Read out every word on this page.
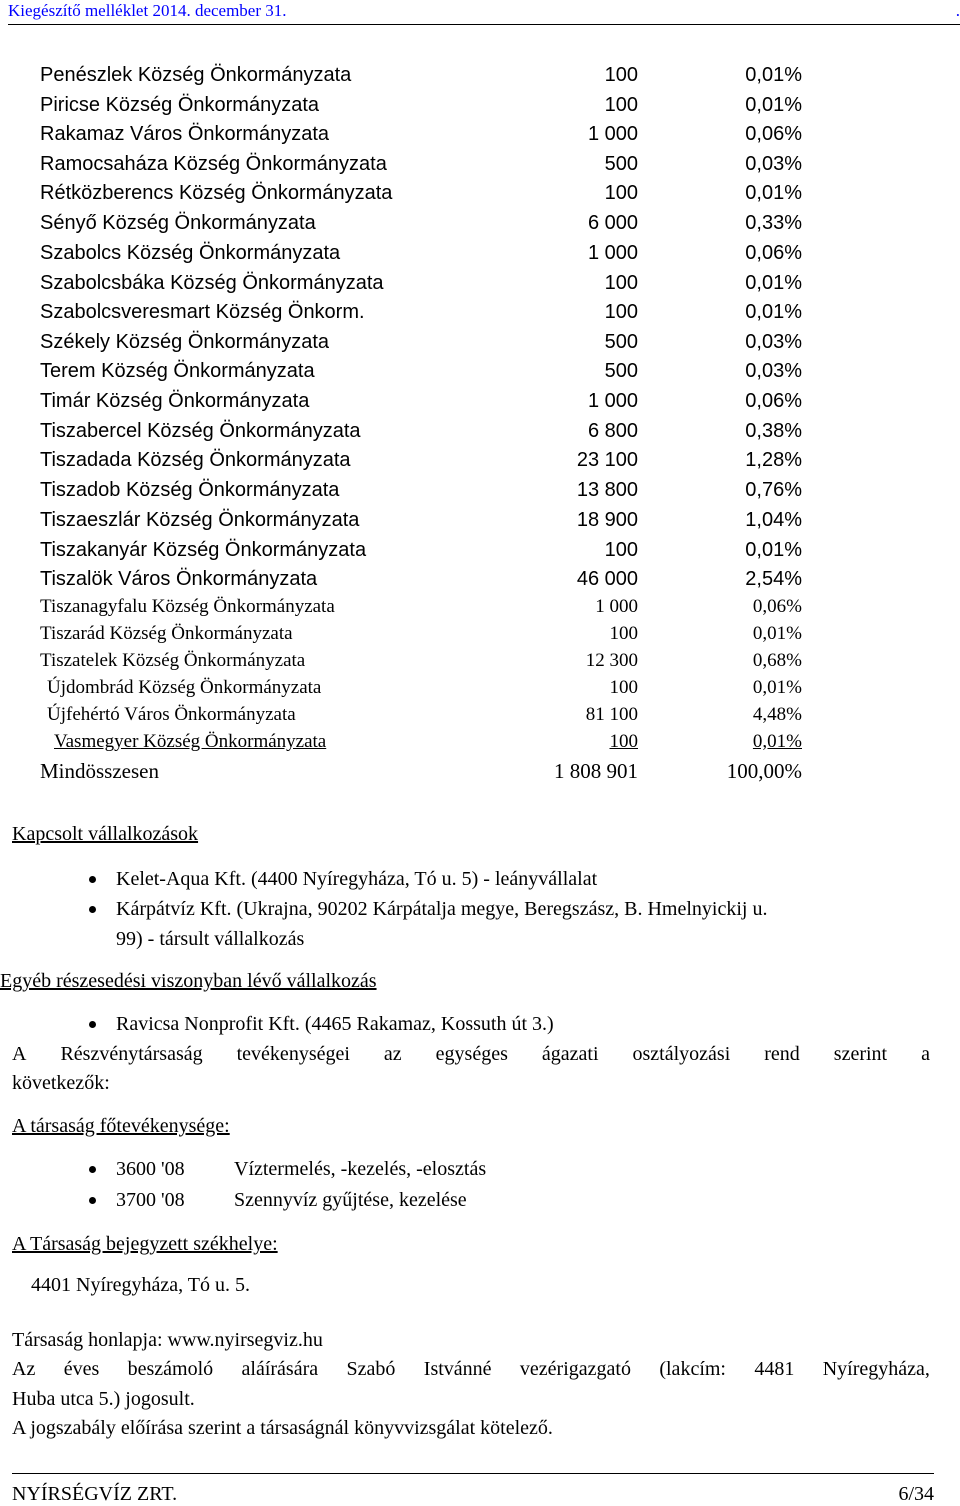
Kiegészítő melléklet 2014. december 31.	.
Penészlek Község Önkormányzata	100	0,01%
Piricse Község Önkormányzata	100	0,01%
Rakamaz Város Önkormányzata	1 000	0,06%
Ramocsaháza Község Önkormányzata	500	0,03%
Rétközberencs Község Önkormányzata	100	0,01%
Sényő Község Önkormányzata	6 000	0,33%
Szabolcs Község Önkormányzata	1 000	0,06%
Szabolcsbáka Község Önkormányzata	100	0,01%
Szabolcsveresmart Község Önkorm.	100	0,01%
Székely Község Önkormányzata	500	0,03%
Terem Község Önkormányzata	500	0,03%
Timár Község Önkormányzata	1 000	0,06%
Tiszabercel Község Önkormányzata	6 800	0,38%
Tiszadada Község Önkormányzata	23 100	1,28%
Tiszadob Község Önkormányzata	13 800	0,76%
Tiszaeszlár Község Önkormányzata	18 900	1,04%
Tiszakanyár Község Önkormányzata	100	0,01%
Tiszalök Város Önkormányzata	46 000	2,54%
Tiszanagyfalu Község Önkormányzata	1 000	0,06%
Tiszarád Község Önkormányzata	100	0,01%
Tiszatelek Község Önkormányzata	12 300	0,68%
Újdombrád Község Önkormányzata	100	0,01%
Újfehértó Város Önkormányzata	81 100	4,48%
Vasmegyer Község Önkormányzata	100	0,01%
Mindösszesen	1 808 901	100,00%
Kapcsolt vállalkozások
Kelet-Aqua Kft. (4400 Nyíregyháza, Tó u. 5) - leányvállalat
Kárpátvíz Kft. (Ukrajna, 90202 Kárpátalja megye, Beregszász, B. Hmelnyickij u.
99) - társult vállalkozás
Egyéb részesedési viszonyban lévő vállalkozás
Ravicsa Nonprofit Kft. (4465 Rakamaz, Kossuth út 3.)
A Részvénytársaság tevékenységei az egységes ágazati osztályozási rend szerint a
következők:
A társaság főtevékenysége:
3600 '08 Víztermelés, -kezelés, -elosztás
3700 '08 Szennyvíz gyűjtése, kezelése
A Társaság bejegyzett székhelye:
4401 Nyíregyháza, Tó u. 5.
Társaság honlapja: www.nyirsegviz.hu
Az éves beszámoló aláírására Szabó Istvánné vezérigazgató (lakcím: 4481 Nyíregyháza,
Huba utca 5.) jogosult.
A jogszabály előírása szerint a társaságnál könyvvizsgálat kötelező.
NYÍRSÉGVÍZ ZRT.	6/34
